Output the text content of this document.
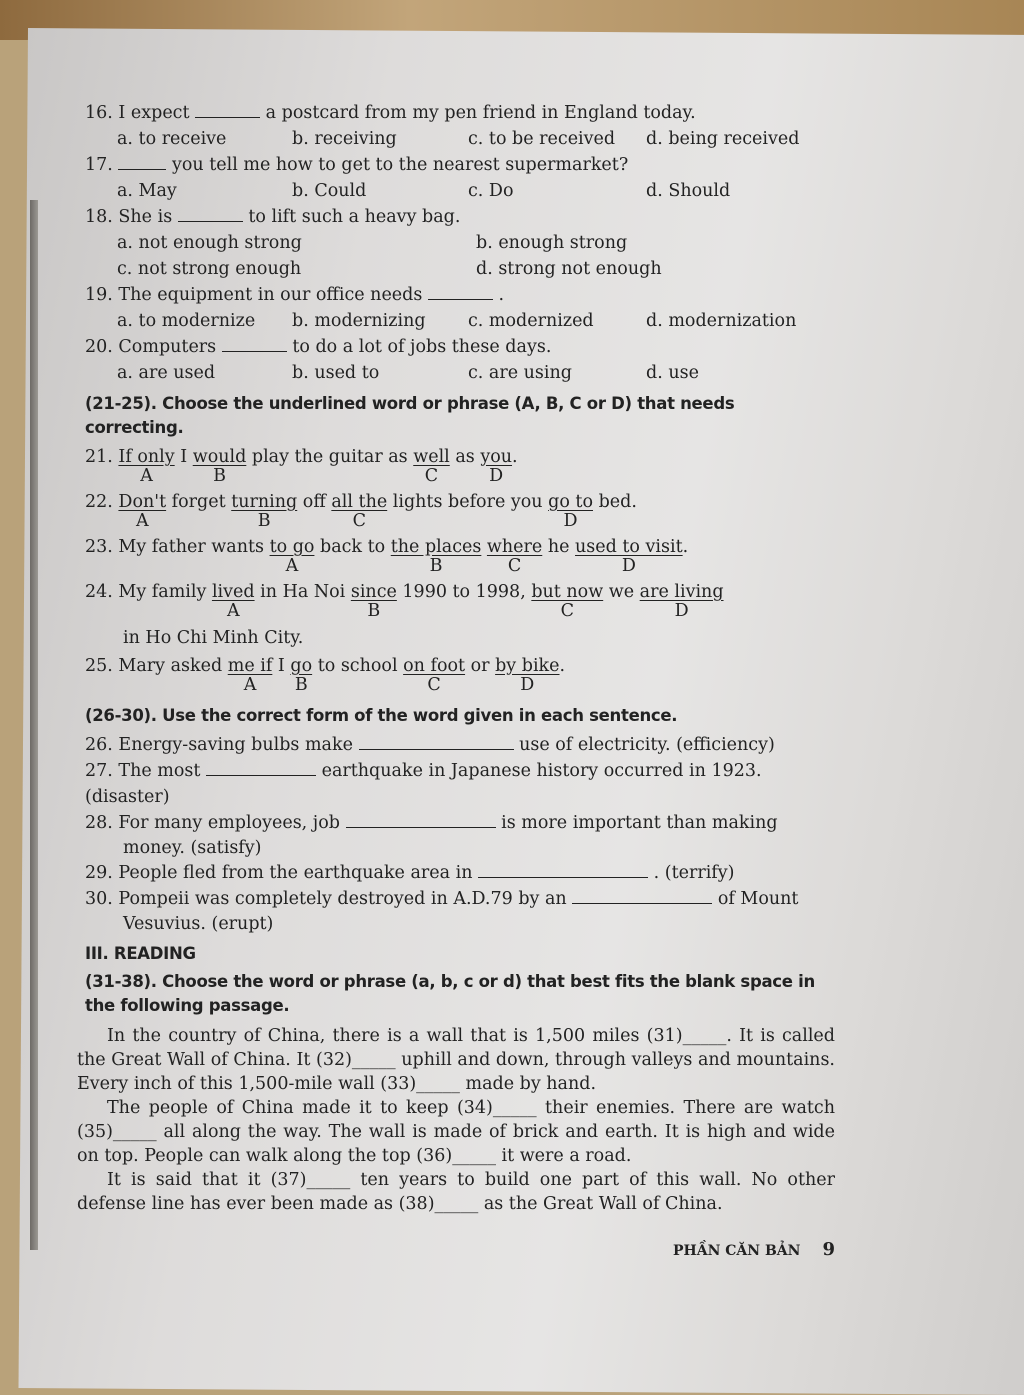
16. I expect	a postcard from my pen friend in England today.
a. to receive	b. receiving	c. to be received	d. being received
17.	you tell me how to get to the nearest supermarket?
a. May	b. Could	c. Do	d. Should
18. She is	to lift such a heavy bag.
a. not enough strong	b. enough strong
c. not strong enough	d. strong not enough
19. The equipment in our office needs	.
a. to modernize	b. modernizing	c. modernized	d. modernization
20. Computers	to do a lot of jobs these days.
a. are used	b. used to	c. are using	d. use
(21-25). Choose the underlined word or phrase (A, B, C or D) that needs correcting.
21. If only
A
I would
B
play the guitar as well
C
as you
D
.
22. Don't
A
forget turning
B
off all the
C
lights before you go to
D
bed.
23. My father wants to go
A
back to the places
B
where
C
he used to visit
D
.
24. My family lived
A
in Ha Noi since
B
1990 to 1998, but now
C
we are living
D
in Ho Chi Minh City.
25. Mary asked me if
A
I go
B
to school on foot
C
or by bike
D
.
(26-30). Use the correct form of the word given in each sentence.
26. Energy-saving bulbs make	use of electricity. (efficiency)
27. The most	earthquake in Japanese history occurred in 1923. (disaster)
28. For many employees, job	is more important than making
money. (satisfy)
29. People fled from the earthquake area in	. (terrify)
30. Pompeii was completely destroyed in A.D.79 by an	of Mount
Vesuvius. (erupt)
III. READING
(31-38). Choose the word or phrase (a, b, c or d) that best fits the blank space in the following passage.
In the country of China, there is a wall that is 1,500 miles (31)_____. It is called the Great Wall of China. It (32)_____ uphill and down, through valleys and mountains. Every inch of this 1,500-mile wall (33)_____ made by hand.
The people of China made it to keep (34)_____ their enemies. There are watch (35)_____ all along the way. The wall is made of brick and earth. It is high and wide on top. People can walk along the top (36)_____ it were a road.
It is said that it (37)_____ ten years to build one part of this wall. No other defense line has ever been made as (38)_____ as the Great Wall of China.
PHẦN CĂN BẢN 9
